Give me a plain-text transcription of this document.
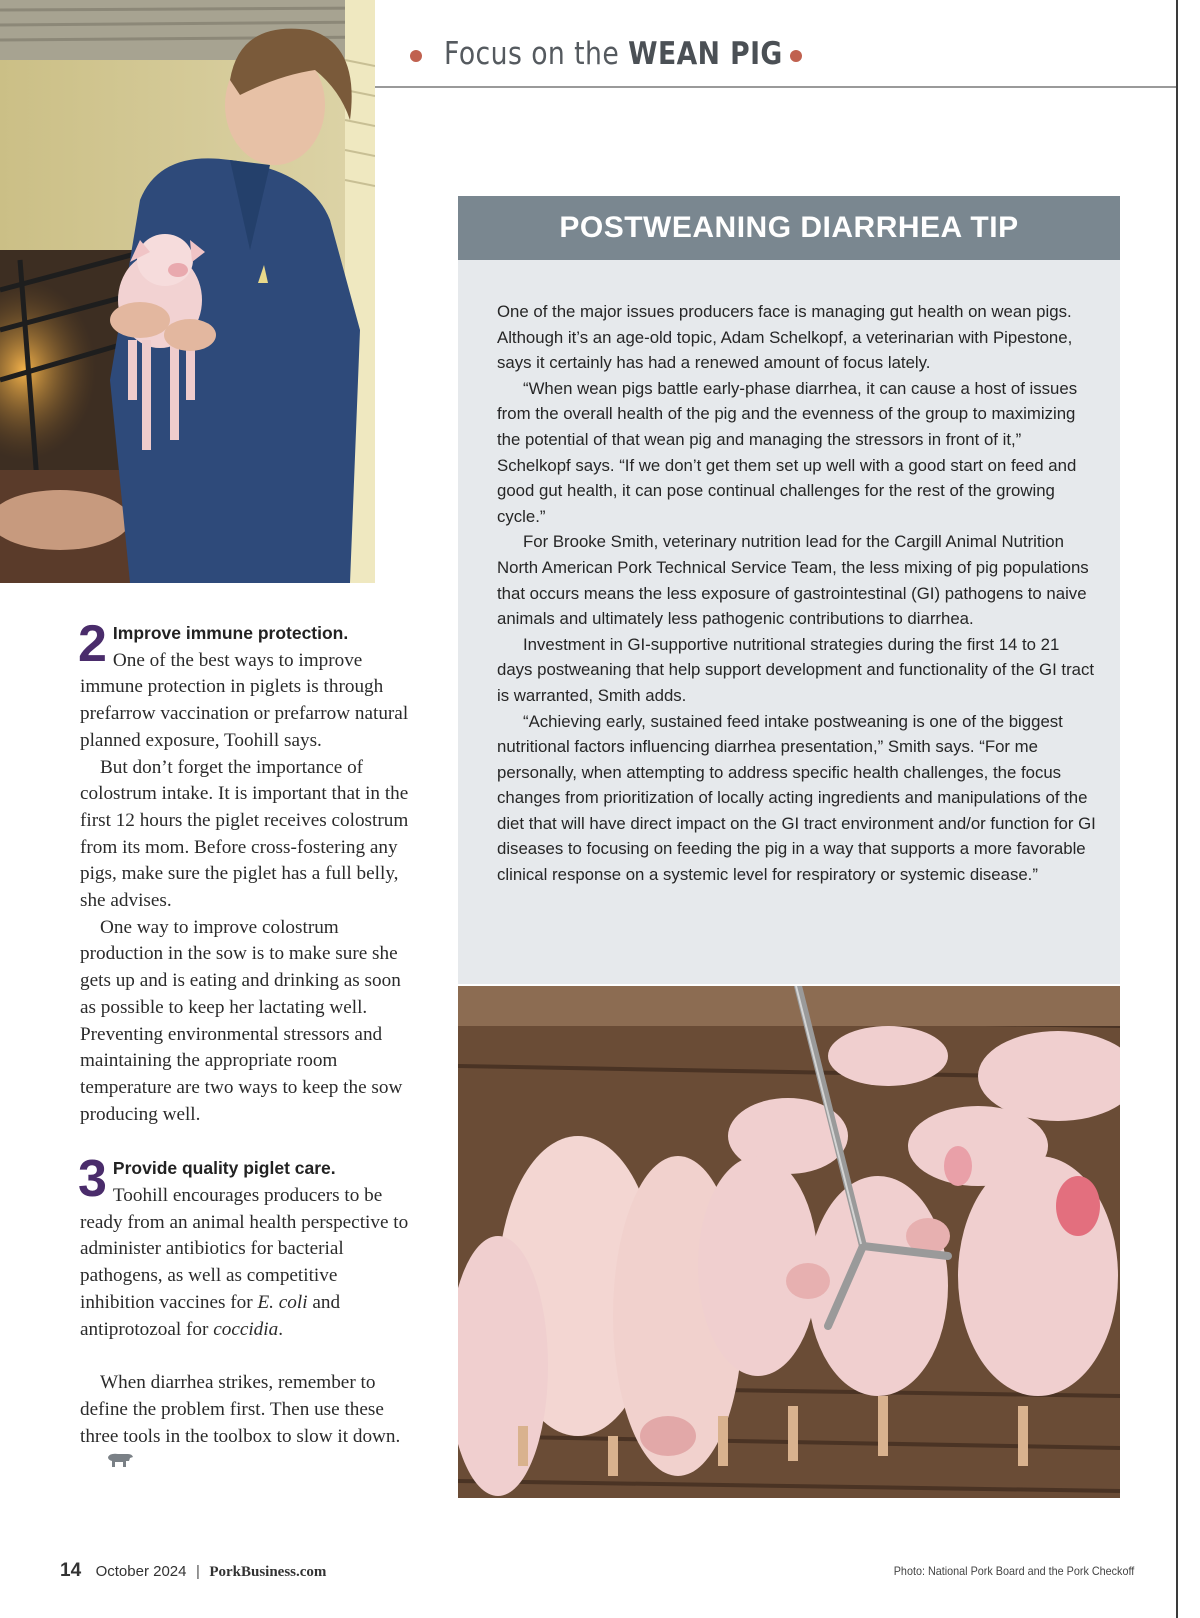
Focus on the WEAN PIG
POSTWEANING DIARRHEA TIP

One of the major issues producers face is managing gut health on wean pigs. Although it’s an age-old topic, Adam Schelkopf, a veterinarian with Pipestone, says it certainly has had a renewed amount of focus lately.

“When wean pigs battle early-phase diarrhea, it can cause a host of issues from the overall health of the pig and the evenness of the group to maximizing the potential of that wean pig and managing the stressors in front of it,” Schelkopf says. “If we don’t get them set up well with a good start on feed and good gut health, it can pose continual challenges for the rest of the growing cycle.”

For Brooke Smith, veterinary nutrition lead for the Cargill Animal Nutrition North American Pork Technical Service Team, the less mixing of pig populations that occurs means the less exposure of gastrointestinal (GI) pathogens to naive animals and ultimately less pathogenic contributions to diarrhea.

Investment in GI-supportive nutritional strategies during the first 14 to 21 days postweaning that help support development and functionality of the GI tract is warranted, Smith adds.

“Achieving early, sustained feed intake postweaning is one of the biggest nutritional factors influencing diarrhea presentation,” Smith says. “For me personally, when attempting to address specific health challenges, the focus changes from prioritization of locally acting ingredients and manipulations of the diet that will have direct impact on the GI tract environment and/or function for GI diseases to focusing on feeding the pig in a way that supports a more favorable clinical response on a systemic level for respiratory or systemic disease.”

2 Improve immune protection.
One of the best ways to improve immune protection in piglets is through prefarrow vaccination or prefarrow natural planned exposure, Toohill says.

But don’t forget the importance of colostrum intake. It is important that in the first 12 hours the piglet receives colostrum from its mom. Before cross-fostering any pigs, make sure the piglet has a full belly, she advises.

One way to improve colostrum production in the sow is to make sure she gets up and is eating and drinking as soon as possible to keep her lactating well. Preventing environmental stressors and maintaining the appropriate room temperature are two ways to keep the sow producing well.

3 Provide quality piglet care.
Toohill encourages producers to be ready from an animal health perspective to administer antibiotics for bacterial pathogens, as well as competitive inhibition vaccines for E. coli and antiprotozoal for coccidia.

When diarrhea strikes, remember to define the problem first. Then use these three tools in the toolbox to slow it down.

14 October 2024 | PorkBusiness.com	Photo: National Pork Board and the Pork Checkoff
